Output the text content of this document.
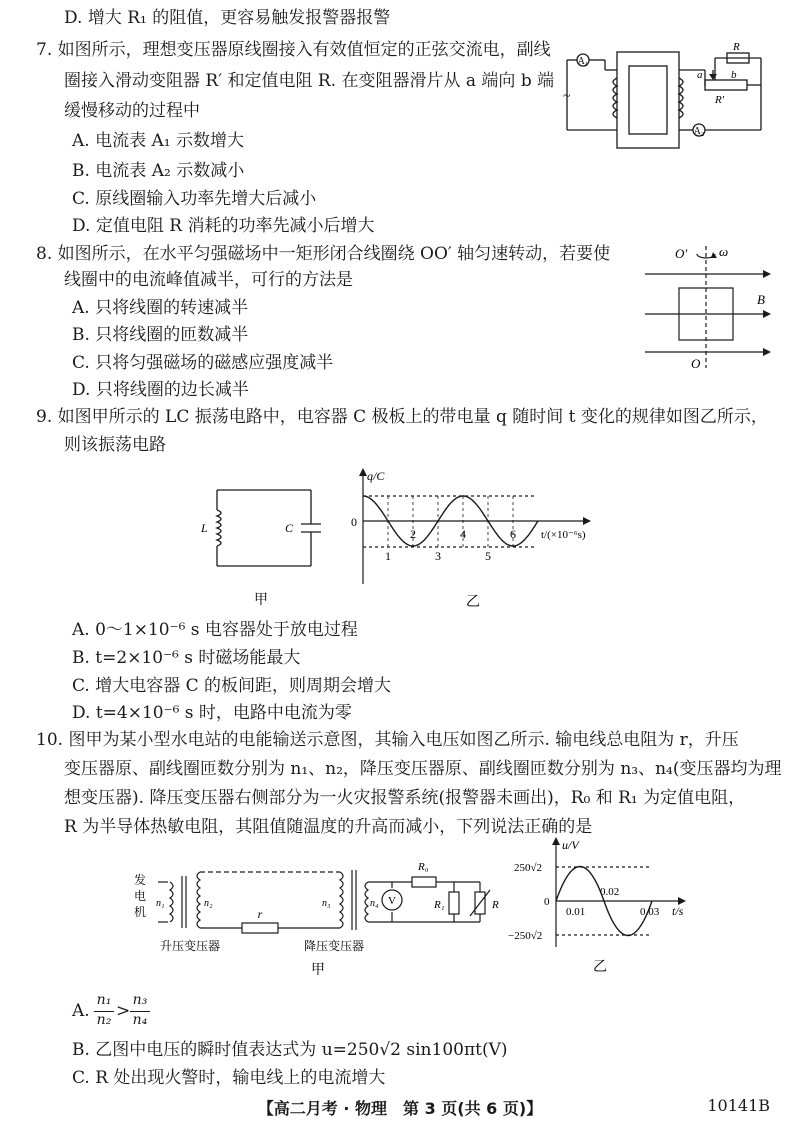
D. 增大 R₁ 的阻值，更容易触发报警器报警
7. 如图所示，理想变压器原线圈接入有效值恒定的正弦交流电，副线
圈接入滑动变阻器 R′ 和定值电阻 R. 在变阻器滑片从 a 端向 b 端
缓慢移动的过程中
A. 电流表 A₁ 示数增大
B. 电流表 A₂ 示数减小
C. 原线圈输入功率先增大后减小
D. 定值电阻 R 消耗的功率先减小后增大
8. 如图所示，在水平匀强磁场中一矩形闭合线圈绕 OO′ 轴匀速转动，若要使
线圈中的电流峰值减半，可行的方法是
A. 只将线圈的转速减半
B. 只将线圈的匝数减半
C. 只将匀强磁场的磁感应强度减半
D. 只将线圈的边长减半
9. 如图甲所示的 LC 振荡电路中，电容器 C 极板上的带电量 q 随时间 t 变化的规律如图乙所示，
则该振荡电路
A. 0～1×10⁻⁶ s 电容器处于放电过程
B. t=2×10⁻⁶ s 时磁场能最大
C. 增大电容器 C 的板间距，则周期会增大
D. t=4×10⁻⁶ s 时，电路中电流为零
10. 图甲为某小型水电站的电能输送示意图，其输入电压如图乙所示. 输电线总电阻为 r，升压
变压器原、副线圈匝数分别为 n₁、n₂，降压变压器原、副线圈匝数分别为 n₃、n₄(变压器均为理
想变压器). 降压变压器右侧部分为一火灾报警系统(报警器未画出)，R₀ 和 R₁ 为定值电阻，
R 为半导体热敏电阻，其阻值随温度的升高而减小，下列说法正确的是
A.
n₁
n₂ >
n₃
n₄
B. 乙图中电压的瞬时值表达式为 u=250√2 sin100πt(V)
C. R 处出现火警时，输电线上的电流增大
A₁
A₂
~
R
R′
a	b
O′ ω
B
O
L	C
甲
1
2
3
4
5
6
q/C
0
t/(×10⁻⁶s)
乙
发
电
机
n₁	n₂	n₃	n₄
r
R₀
R₁	R
V
升压变压器	降压变压器
甲
u/V
250√2
−250√2
0
0.01
0.02
0.03 t/s
乙
【高二月考 · 物理　第 3 页(共 6 页)】	10141B
